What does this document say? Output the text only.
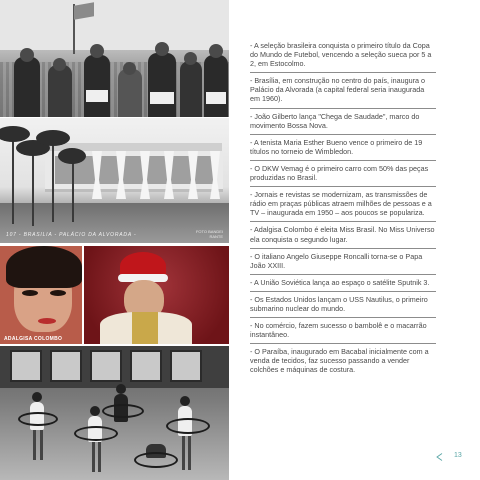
107 - BRASILIA - PALÁCIO DA ALVORADA -
FOTO BANDEI
RANTE
ADALGISA COLOMBO
- A seleção brasileira conquista o primeiro título da Copa do Mundo de Futebol, vencendo a seleção sueca por 5 a 2, em Estocolmo.
- Brasília, em construção no centro do país, inaugura o Palácio da Alvorada (a capital federal seria inaugurada em 1960).
- João Gilberto lança "Chega de Saudade", marco do movimento Bossa Nova.
- A tenista Maria Esther Bueno vence o primeiro de 19 títulos no torneio de Wimbledon.
- O DKW Vemag é o primeiro carro com 50% das peças produzidas no Brasil.
- Jornais e revistas se modernizam, as transmissões de rádio em praças públicas atraem milhões de pessoas e a TV – inaugurada em 1950 – aos poucos se populariza.
- Adalgisa Colombo é eleita Miss Brasil. No Miss Universo ela conquista o segundo lugar.
- O italiano Angelo Giuseppe Roncalli torna-se o Papa João XXIII.
- A União Soviética lança ao espaço o satélite Sputnik 3.
- Os Estados Unidos lançam o USS Nautilus, o primeiro submarino nuclear do mundo.
- No comércio, fazem sucesso o bambolê e o macarrão instantâneo.
- O Paraíba, inaugurado em Bacabal inicialmente com a venda de tecidos, faz sucesso passando a vender colchões e máquinas de costura.
13
